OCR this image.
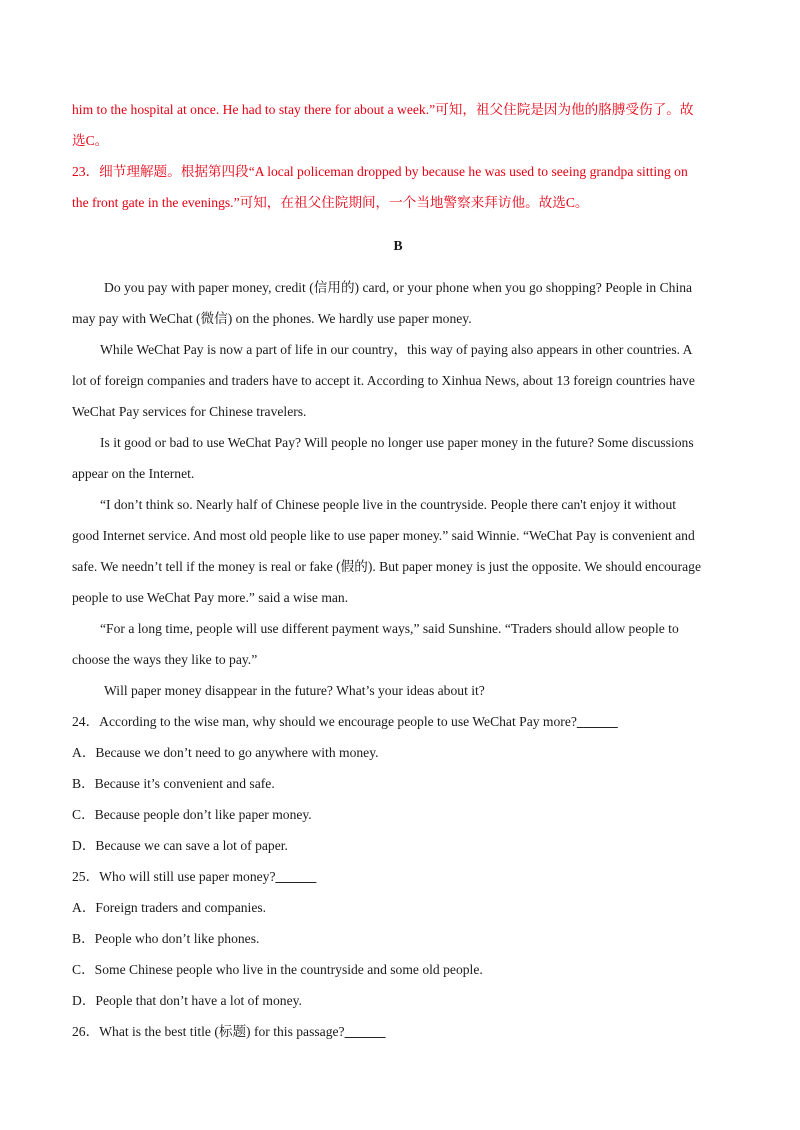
him to the hospital at once. He had to stay there for about a week.”可知，祖父住院是因为他的胳膊受伤了。故
选C。
23．细节理解题。根据第四段“A local policeman dropped by because he was used to seeing grandpa sitting on
the front gate in the evenings.”可知，在祖父住院期间，一个当地警察来拜访他。故选C。
B
Do you pay with paper money, credit (信用的) card, or your phone when you go shopping? People in China
may pay with WeChat (微信) on the phones. We hardly use paper money.
While WeChat Pay is now a part of life in our country，this way of paying also appears in other countries. A
lot of foreign companies and traders have to accept it. According to Xinhua News, about 13 foreign countries have
WeChat Pay services for Chinese travelers.
Is it good or bad to use WeChat Pay? Will people no longer use paper money in the future? Some discussions
appear on the Internet.
“I don’t think so. Nearly half of Chinese people live in the countryside. People there can't enjoy it without
good Internet service. And most old people like to use paper money.” said Winnie. “WeChat Pay is convenient and
safe. We needn’t tell if the money is real or fake (假的). But paper money is just the opposite. We should encourage
people to use WeChat Pay more.” said a wise man.
“For a long time, people will use different payment ways,” said Sunshine. “Traders should allow people to
choose the ways they like to pay.”
Will paper money disappear in the future? What’s your ideas about it?
24．According to the wise man, why should we encourage people to use WeChat Pay more?______
A．Because we don’t need to go anywhere with money.
B．Because it’s convenient and safe.
C．Because people don’t like paper money.
D．Because we can save a lot of paper.
25．Who will still use paper money?______
A．Foreign traders and companies.
B．People who don’t like phones.
C．Some Chinese people who live in the countryside and some old people.
D．People that don’t have a lot of money.
26．What is the best title (标题) for this passage?______
